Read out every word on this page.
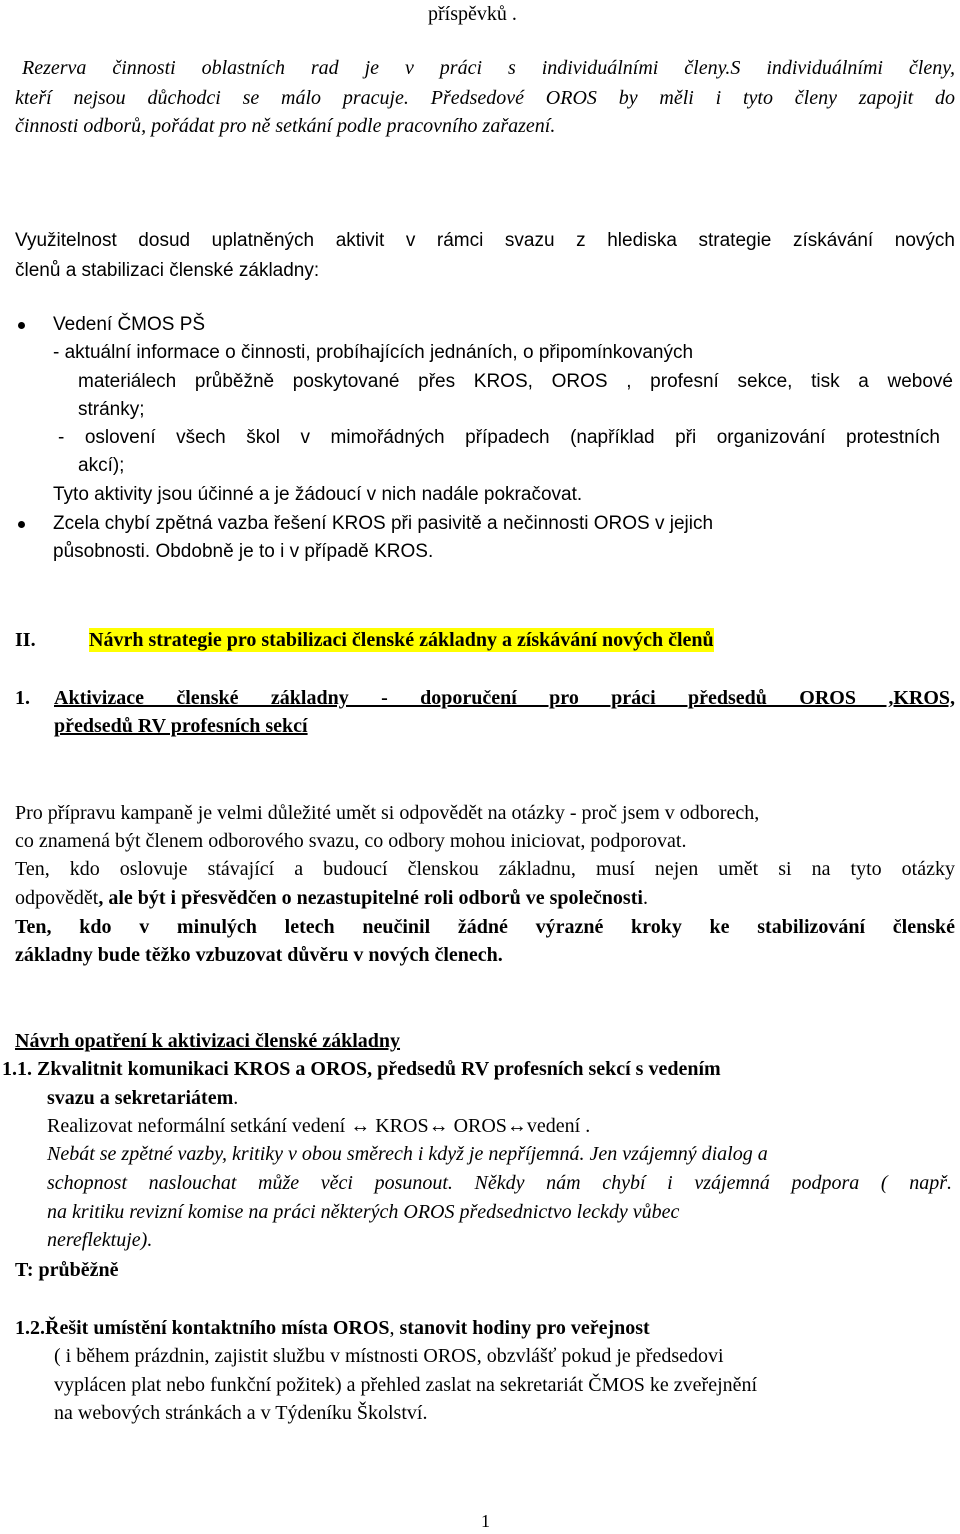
příspěvků .
Rezerva činnosti oblastních rad je v práci s individuálními členy.S individuálními členy,
kteří nejsou důchodci se málo pracuje. Předsedové OROS by měli i tyto členy zapojit do
činnosti odborů, pořádat pro ně setkání podle pracovního zařazení.
Využitelnost dosud uplatněných aktivit v rámci svazu z hlediska strategie získávání nových
členů a stabilizaci členské základny:
Vedení ČMOS PŠ
- aktuální informace o činnosti, probíhajících jednáních, o připomínkovaných
materiálech průběžně poskytované přes KROS, OROS , profesní sekce, tisk a webové
stránky;
- oslovení všech škol v mimořádných případech (například při organizování protestních
akcí);
Tyto aktivity jsou účinné a je žádoucí v nich nadále pokračovat.
Zcela chybí zpětná vazba řešení KROS při pasivitě a nečinnosti OROS v jejich
působnosti. Obdobně je to i v případě KROS.
II.	Návrh strategie pro stabilizaci členské základny a získávání nových členů
1. Aktivizace členské základny - doporučení pro práci předsedů OROS ,KROS,
předsedů RV profesních sekcí
Pro přípravu kampaně je velmi důležité umět si odpovědět na otázky - proč jsem v odborech,
co znamená být členem odborového svazu, co odbory mohou iniciovat, podporovat.
Ten, kdo oslovuje stávající a budoucí členskou základnu, musí nejen umět si na tyto otázky
odpovědět, ale být i přesvědčen o nezastupitelné roli odborů ve společnosti.
Ten, kdo v minulých letech neučinil žádné výrazné kroky ke stabilizování členské
základny bude těžko vzbuzovat důvěru v nových členech.
Návrh opatření k aktivizaci členské základny
1.1. Zkvalitnit komunikaci KROS a OROS, předsedů RV profesních sekcí s vedením
svazu a sekretariátem.
Realizovat neformální setkání vedení ↔ KROS↔ OROS↔vedení .
Nebát se zpětné vazby, kritiky v obou směrech i když je nepříjemná. Jen vzájemný dialog a
schopnost naslouchat může věci posunout. Někdy nám chybí i vzájemná podpora ( např.
na kritiku revizní komise na práci některých OROS předsednictvo leckdy vůbec
nereflektuje).
T: průběžně
1.2.Řešit umístění kontaktního místa OROS, stanovit hodiny pro veřejnost
( i během prázdnin, zajistit službu v místnosti OROS, obzvlášť pokud je předsedovi
vyplácen plat nebo funkční požitek) a přehled zaslat na sekretariát ČMOS ke zveřejnění
na webových stránkách a v Týdeníku Školství.
1
